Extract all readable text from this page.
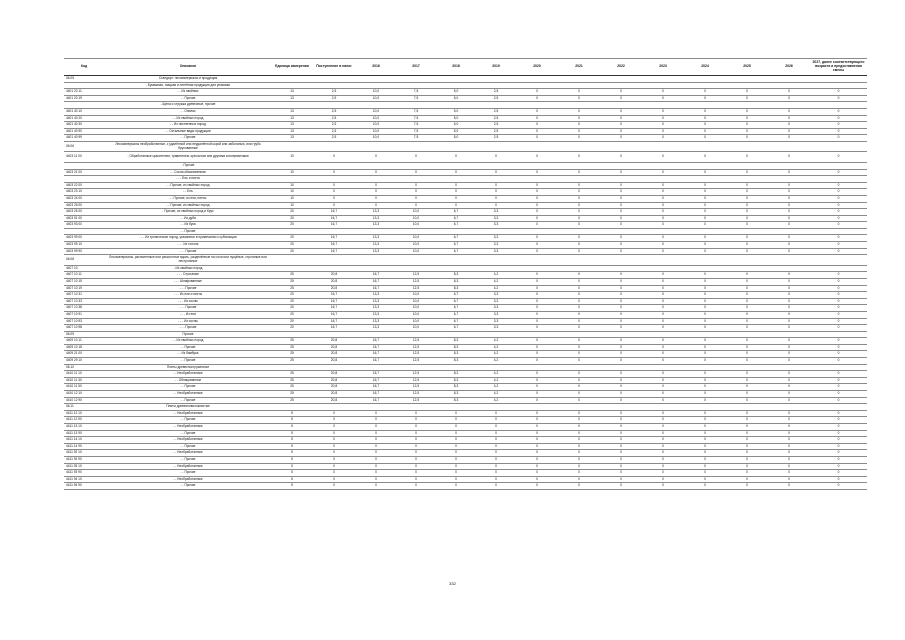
Код	Описание	Единица измерения	Поступление в налог	2016	2017	2018	2019	2020	2021	2022	2023	2024	2025	2026	2027, далее соответствующего возраста и предоставления смены
06.05	Стандарт: лесоматериалы и продукция														
	- Бумажная, ткацкая и плетёная продукция для упаковки														
4401 20 11	- - Из хвойных	13	2,5	10,0	7,5	5,0	2,5	0	0	0	0	0	0	0	0
4401 20 19	- - Прочие	13	2,5	10,0	7,5	5,0	2,5	0	0	0	0	0	0	0	0
	- Щепа и стружка древесные, прочие														
4401 40 10	- - Опилки	13	2,5	10,0	7,5	5,0	2,5	0	0	0	0	0	0	0	0
4401 40 20	- - Из хвойных пород	13	2,5	10,0	7,5	5,0	2,5	0	0	0	0	0	0	0	0
4401 40 30	- - Из лиственных пород	13	2,5	10,0	7,5	5,0	2,5	0	0	0	0	0	0	0	0
4401 40 90	- - Остальные виды продукции	13	2,5	10,0	7,5	5,0	2,5	0	0	0	0	0	0	0	0
4401 40 99	- - Прочие	13	2,5	10,0	7,5	5,0	2,5	0	0	0	0	0	0	0	0
06.06	Лесоматериалы необработанные, с удалённой или неудалённой корой или заболонью, или грубо брусованные														
4403 11 00	- Обработанные красителем, травителем, креозотом или другими консервантами	10	0	0	0	0	0	0	0	0	0	0	0	0	0
	- Прочие														
4403 21 00	- - Сосна обыкновенная	10	0	0	0	0	0	0	0	0	0	0	0	0	0
	- - - Ель и пихта														
4403 22 00	- - Прочие, из хвойных пород	10	0	0	0	0	0	0	0	0	0	0	0	0	0
4403 23 10	- - Ель	10	0	0	0	0	0	0	0	0	0	0	0	0	0
4403 24 00	- - Прочие, из ели, пихты	10	0	0	0	0	0	0	0	0	0	0	0	0	0
4403 25 00	- - Прочие, из хвойных пород	10	0	0	0	0	0	0	0	0	0	0	0	0	0
4403 26 00	- Прочие, из хвойных пород и брус	20	16,7	13,3	10,0	6,7	3,3	0	0	0	0	0	0	0	0
4403 91 00	- - Из дуба	20	16,7	13,3	10,0	6,7	3,3	0	0	0	0	0	0	0	0
4403 93 00	- - Из бука	20	16,7	13,3	10,0	6,7	3,3	0	0	0	0	0	0	0	0
	- - Прочие														
4403 99 00	- - - Из тропических пород, указанных в примечании к субпозиции	20	16,7	13,3	10,0	6,7	3,3	0	0	0	0	0	0	0	0
4403 99 10	- - - Из тополя	20	16,7	13,3	10,0	6,7	3,3	0	0	0	0	0	0	0	0
4403 99 90	- - - Прочие	20	16,7	13,3	10,0	6,7	3,3	0	0	0	0	0	0	0	0
06.08	Лесоматериалы, распиленные или расколотые вдоль, разделённые на слои или лущёные, строганые или нестроганые														
4407 10	- Из хвойных пород														
4407 10 11	- - - Строганые	25	20,8	16,7	12,5	8,3	4,2	0	0	0	0	0	0	0	0
4407 10 15	- - - Шлифованные	25	20,8	16,7	12,5	8,3	4,2	0	0	0	0	0	0	0	0
4407 10 19	- - - Прочие	25	20,8	16,7	12,5	8,3	4,2	0	0	0	0	0	0	0	0
4407 10 31	- - - Из ели и пихты	20	16,7	13,3	10,0	6,7	3,3	0	0	0	0	0	0	0	0
4407 10 33	- - - Из сосны	20	16,7	13,3	10,0	6,7	3,3	0	0	0	0	0	0	0	0
4407 10 38	- - - Прочие	20	16,7	13,3	10,0	6,7	3,3	0	0	0	0	0	0	0	0
4407 10 91	- - - Из ели	20	16,7	13,3	10,0	6,7	3,3	0	0	0	0	0	0	0	0
4407 10 93	- - - Из сосны	20	16,7	13,3	10,0	6,7	3,3	0	0	0	0	0	0	0	0
4407 10 98	- - - Прочие	20	16,7	13,3	10,0	6,7	3,3	0	0	0	0	0	0	0	0
06.09	Прочие														
4409 10 11	- - Из хвойных пород	25	20,8	16,7	12,5	8,3	4,2	0	0	0	0	0	0	0	0
4409 10 18	- - Прочие	25	20,8	16,7	12,5	8,3	4,2	0	0	0	0	0	0	0	0
4409 21 00	- - Из бамбука	25	20,8	16,7	12,5	8,3	4,2	0	0	0	0	0	0	0	0
4409 29 10	- - Прочие	25	20,8	16,7	12,5	8,3	4,2	0	0	0	0	0	0	0	0
06.10	Плиты древесностружечные														
4410 11 10	- - Необработанные	25	20,8	16,7	12,5	8,3	4,2	0	0	0	0	0	0	0	0
4410 11 30	- - Облицованные	25	20,8	16,7	12,5	8,3	4,2	0	0	0	0	0	0	0	0
4410 11 50	- - Прочие	25	20,8	16,7	12,5	8,3	4,2	0	0	0	0	0	0	0	0
4410 12 10	- - Необработанные	25	20,8	16,7	12,5	8,3	4,2	0	0	0	0	0	0	0	0
4410 12 90	- - Прочие	25	20,8	16,7	12,5	8,3	4,2	0	0	0	0	0	0	0	0
06.11	Плиты древесноволокнистые														
4411 12 10	- - Необработанные	5	0	0	0	0	0	0	0	0	0	0	0	0	0
4411 12 90	- - Прочие	5	0	0	0	0	0	0	0	0	0	0	0	0	0
4411 13 10	- - Необработанные	5	0	0	0	0	0	0	0	0	0	0	0	0	0
4411 13 90	- - Прочие	5	0	0	0	0	0	0	0	0	0	0	0	0	0
4411 14 10	- - Необработанные	5	0	0	0	0	0	0	0	0	0	0	0	0	0
4411 14 90	- - Прочие	5	0	0	0	0	0	0	0	0	0	0	0	0	0
4411 92 10	- - Необработанные	5	0	0	0	0	0	0	0	0	0	0	0	0	0
4411 92 90	- - Прочие	5	0	0	0	0	0	0	0	0	0	0	0	0	0
4411 93 10	- - Необработанные	5	0	0	0	0	0	0	0	0	0	0	0	0	0
4411 93 90	- - Прочие	5	0	0	0	0	0	0	0	0	0	0	0	0	0
4411 94 10	- - Необработанные	5	0	0	0	0	0	0	0	0	0	0	0	0	0
4411 94 90	- - Прочие	5	0	0	0	0	0	0	0	0	0	0	0	0	0
332
